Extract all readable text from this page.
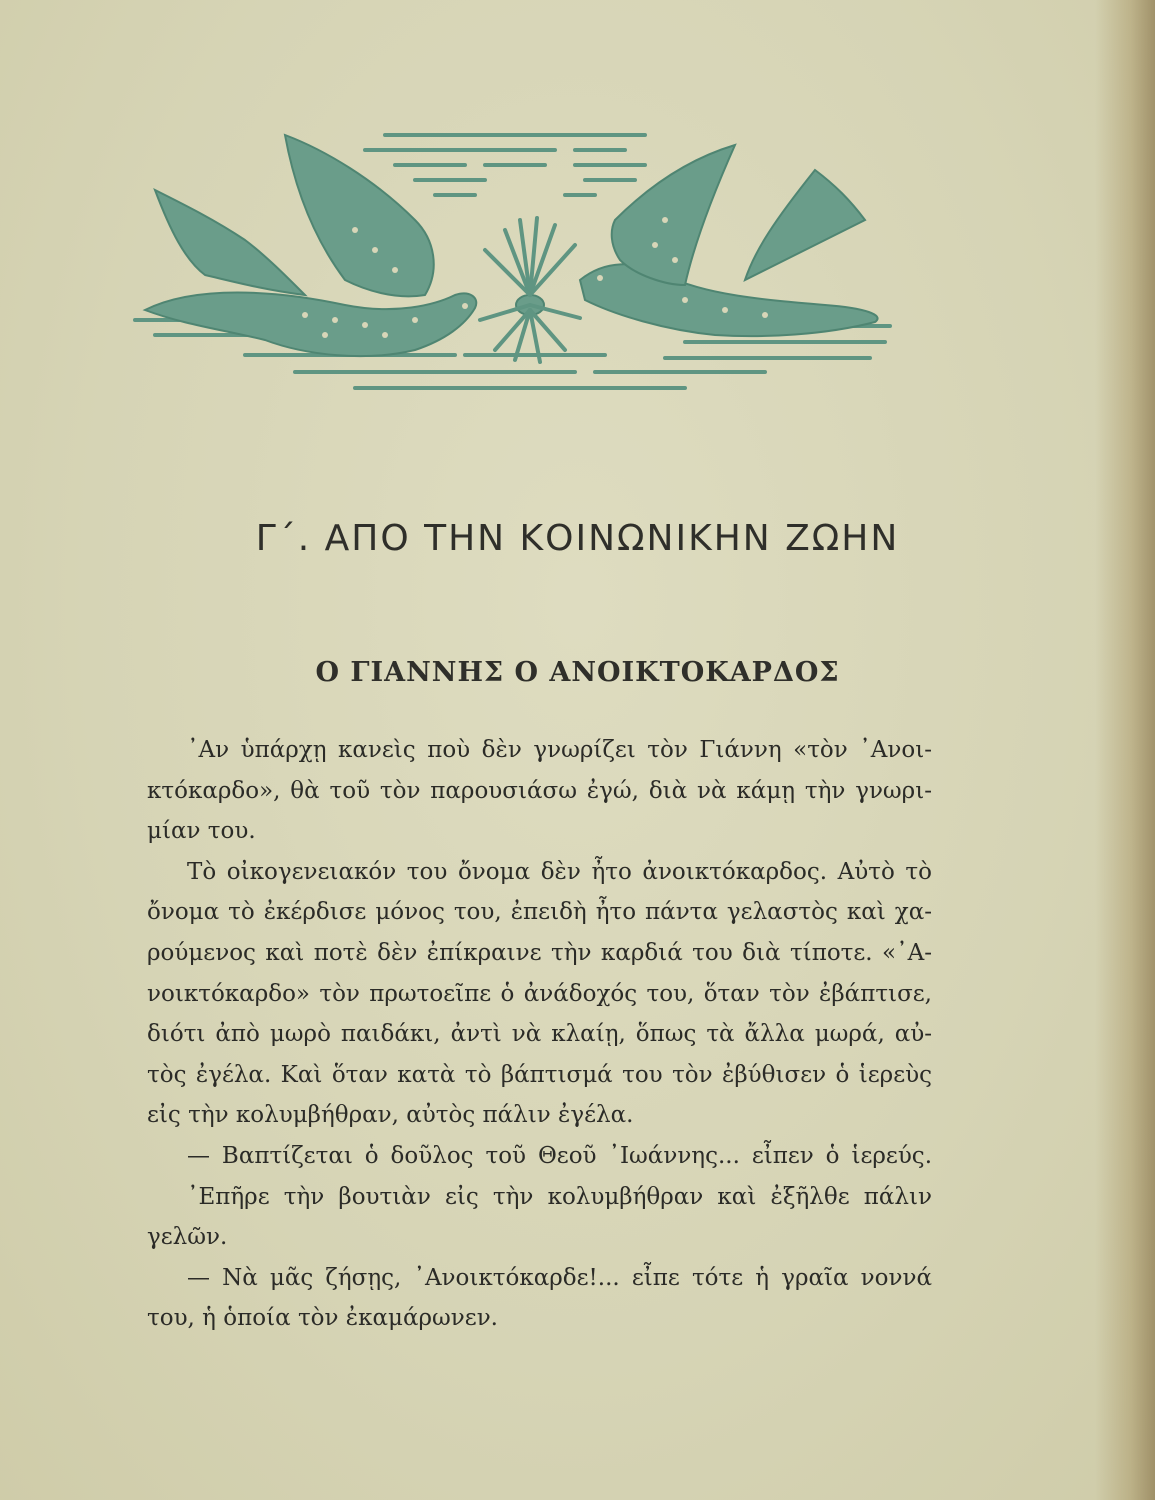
Γ΄. ΑΠΟ ΤΗΝ ΚΟΙΝΩΝΙΚΗΝ ΖΩΗΝ
Ο ΓΙΑΝΝΗΣ Ο ΑΝΟΙΚΤΟΚΑΡΔΟΣ
᾿Αν ὑπάρχῃ κανεὶς ποὺ δὲν γνωρίζει τὸν Γιάννη «τὸν ᾿Ανοι-
κτόκαρδο», θὰ τοῦ τὸν παρουσιάσω ἐγώ, διὰ νὰ κάμῃ τὴν γνωρι-
μίαν του.
Τὸ οἰκογενειακόν του ὄνομα δὲν ἦτο ἀνοικτόκαρδος. Αὐτὸ τὸ
ὄνομα τὸ ἐκέρδισε μόνος του, ἐπειδὴ ἦτο πάντα γελαστὸς καὶ χα-
ρούμενος καὶ ποτὲ δὲν ἐπίκραινε τὴν καρδιά του διὰ τίποτε. «᾿Α-
νοικτόκαρδο» τὸν πρωτοεῖπε ὁ ἀνάδοχός του, ὅταν τὸν ἐβάπτισε,
διότι ἀπὸ μωρὸ παιδάκι, ἀντὶ νὰ κλαίῃ, ὅπως τὰ ἄλλα μωρά, αὐ-
τὸς ἐγέλα. Καὶ ὅταν κατὰ τὸ βάπτισμά του τὸν ἐβύθισεν ὁ ἱερεὺς
εἰς τὴν κολυμβήθραν, αὐτὸς πάλιν ἐγέλα.
— Βαπτίζεται ὁ δοῦλος τοῦ Θεοῦ ᾿Ιωάννης... εἶπεν ὁ ἱερεύς.
᾿Επῆρε τὴν βουτιὰν εἰς τὴν κολυμβήθραν καὶ ἐξῆλθε πάλιν
γελῶν.
— Νὰ μᾶς ζήσῃς, ᾿Ανοικτόκαρδε!... εἶπε τότε ἡ γραῖα νοννά
του, ἡ ὁποία τὸν ἐκαμάρωνεν.
